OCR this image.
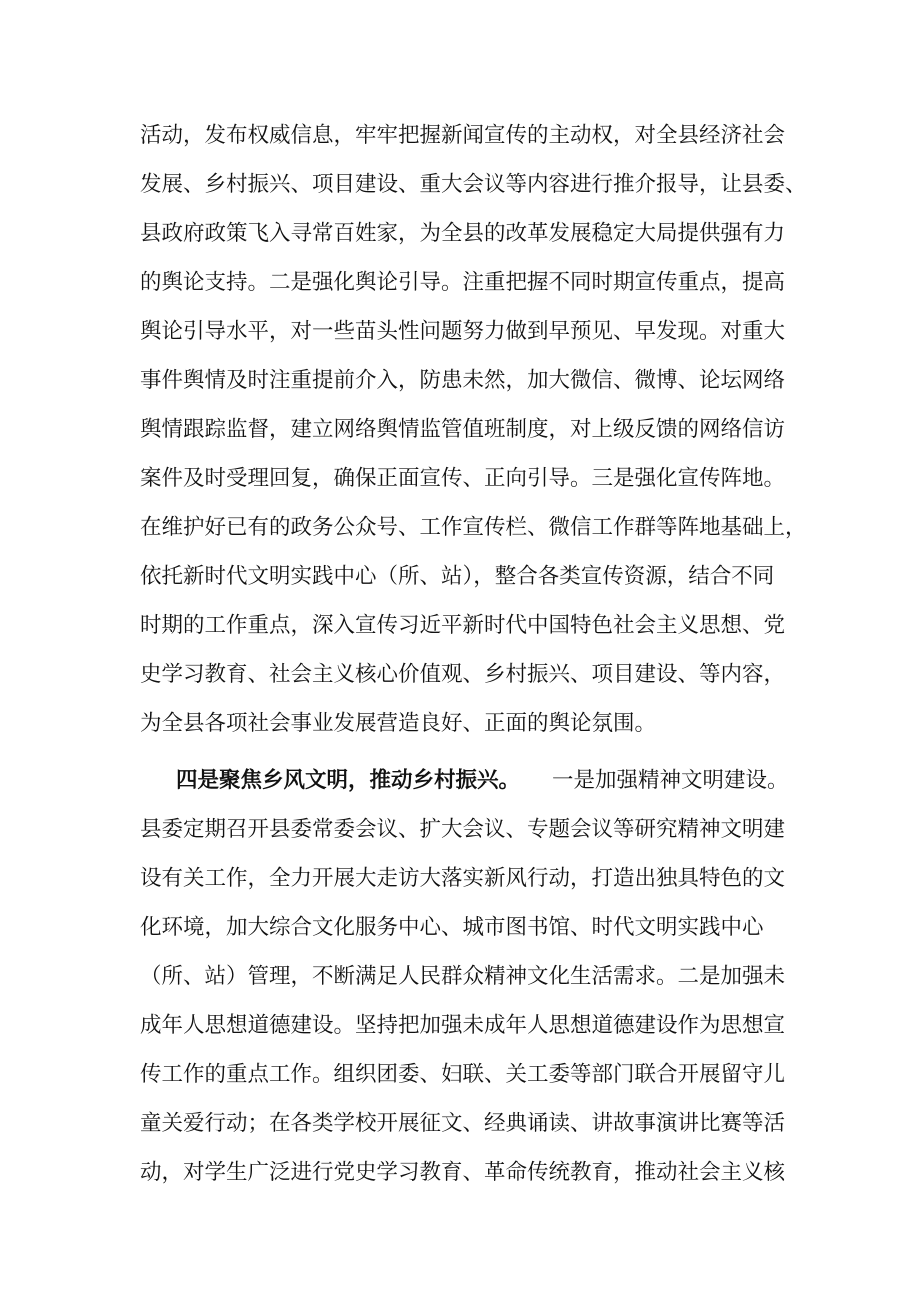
活动，发布权威信息，牢牢把握新闻宣传的主动权，对全县经济社会
发展、乡村振兴、项目建设、重大会议等内容进行推介报导，让县委、
县政府政策飞入寻常百姓家，为全县的改革发展稳定大局提供强有力
的舆论支持。二是强化舆论引导。注重把握不同时期宣传重点，提高
舆论引导水平，对一些苗头性问题努力做到早预见、早发现。对重大
事件舆情及时注重提前介入，防患未然，加大微信、微博、论坛网络
舆情跟踪监督，建立网络舆情监管值班制度，对上级反馈的网络信访
案件及时受理回复，确保正面宣传、正向引导。三是强化宣传阵地。
在维护好已有的政务公众号、工作宣传栏、微信工作群等阵地基础上，
依托新时代文明实践中心（所、站），整合各类宣传资源，结合不同
时期的工作重点，深入宣传习近平新时代中国特色社会主义思想、党
史学习教育、社会主义核心价值观、乡村振兴、项目建设、等内容，
为全县各项社会事业发展营造良好、正面的舆论氛围。
四是聚焦乡风文明，推动乡村振兴。 一是加强精神文明建设。
县委定期召开县委常委会议、扩大会议、专题会议等研究精神文明建
设有关工作，全力开展大走访大落实新风行动，打造出独具特色的文
化环境，加大综合文化服务中心、城市图书馆、时代文明实践中心
（所、站）管理，不断满足人民群众精神文化生活需求。二是加强未
成年人思想道德建设。坚持把加强未成年人思想道德建设作为思想宣
传工作的重点工作。组织团委、妇联、关工委等部门联合开展留守儿
童关爱行动；在各类学校开展征文、经典诵读、讲故事演讲比赛等活
动，对学生广泛进行党史学习教育、革命传统教育，推动社会主义核
